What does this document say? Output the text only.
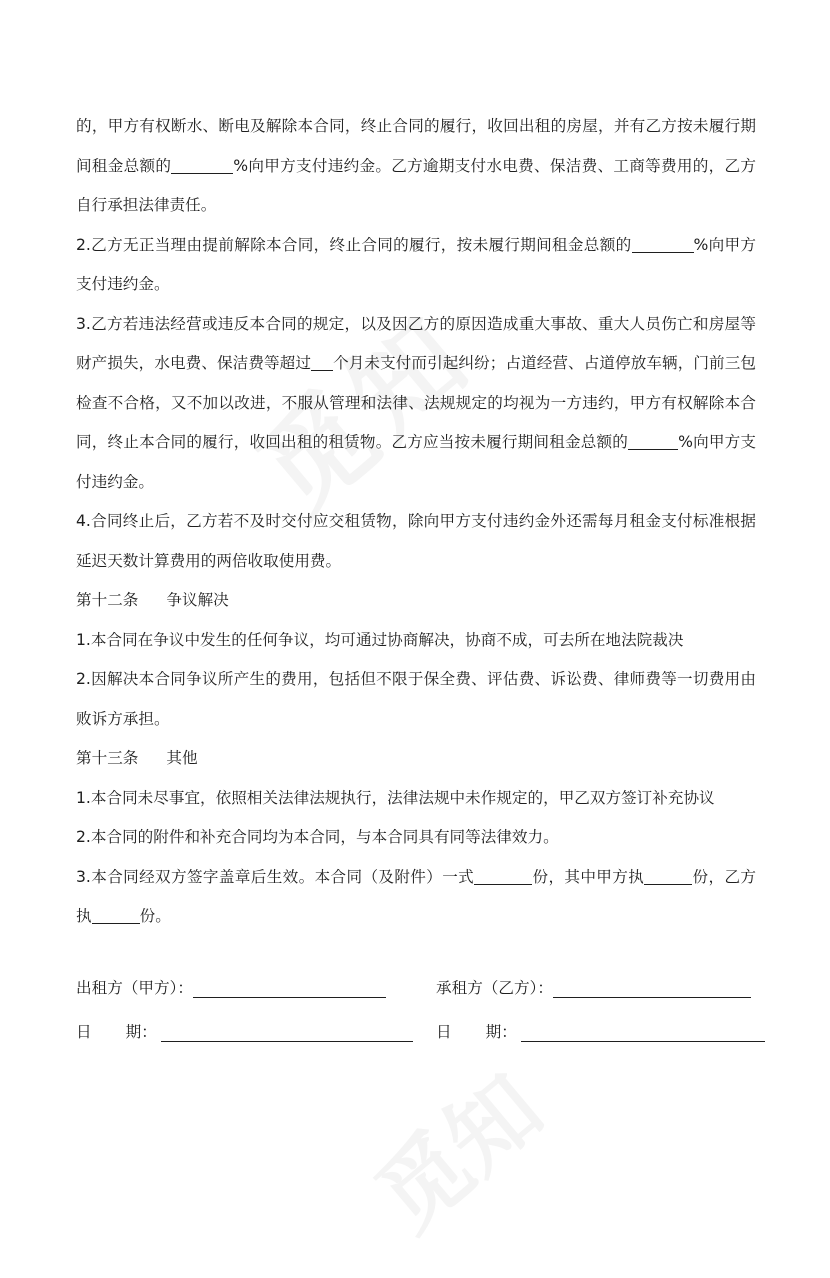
的，甲方有权断水、断电及解除本合同，终止合同的履行，收回出租的房屋，并有乙方按未履行期间租金总额的	%向甲方支付违约金。乙方逾期支付水电费、保洁费、工商等费用的，乙方自行承担法律责任。

2.乙方无正当理由提前解除本合同，终止合同的履行，按未履行期间租金总额的	%向甲方支付违约金。

3.乙方若违法经营或违反本合同的规定，以及因乙方的原因造成重大事故、重大人员伤亡和房屋等财产损失，水电费、保洁费等超过 个月未支付而引起纠纷；占道经营、占道停放车辆，门前三包检查不合格，又不加以改进，不服从管理和法律、法规规定的均视为一方违约，甲方有权解除本合同，终止本合同的履行，收回出租的租赁物。乙方应当按未履行期间租金总额的	%向甲方支付违约金。

4.合同终止后，乙方若不及时交付应交租赁物，除向甲方支付违约金外还需每月租金支付标准根据延迟天数计算费用的两倍收取使用费。

第十二条 争议解决

1.本合同在争议中发生的任何争议，均可通过协商解决，协商不成，可去所在地法院裁决

2.因解决本合同争议所产生的费用，包括但不限于保全费、评估费、诉讼费、律师费等一切费用由败诉方承担。

第十三条 其他

1.本合同未尽事宜，依照相关法律法规执行，法律法规中未作规定的，甲乙双方签订补充协议

2.本合同的附件和补充合同均为本合同，与本合同具有同等法律效力。

3.本合同经双方签字盖章后生效。本合同（及附件）一式	份，其中甲方执	份，乙方执	份。

出租方（甲方）：	承租方（乙方）：
日 期：	日 期：
